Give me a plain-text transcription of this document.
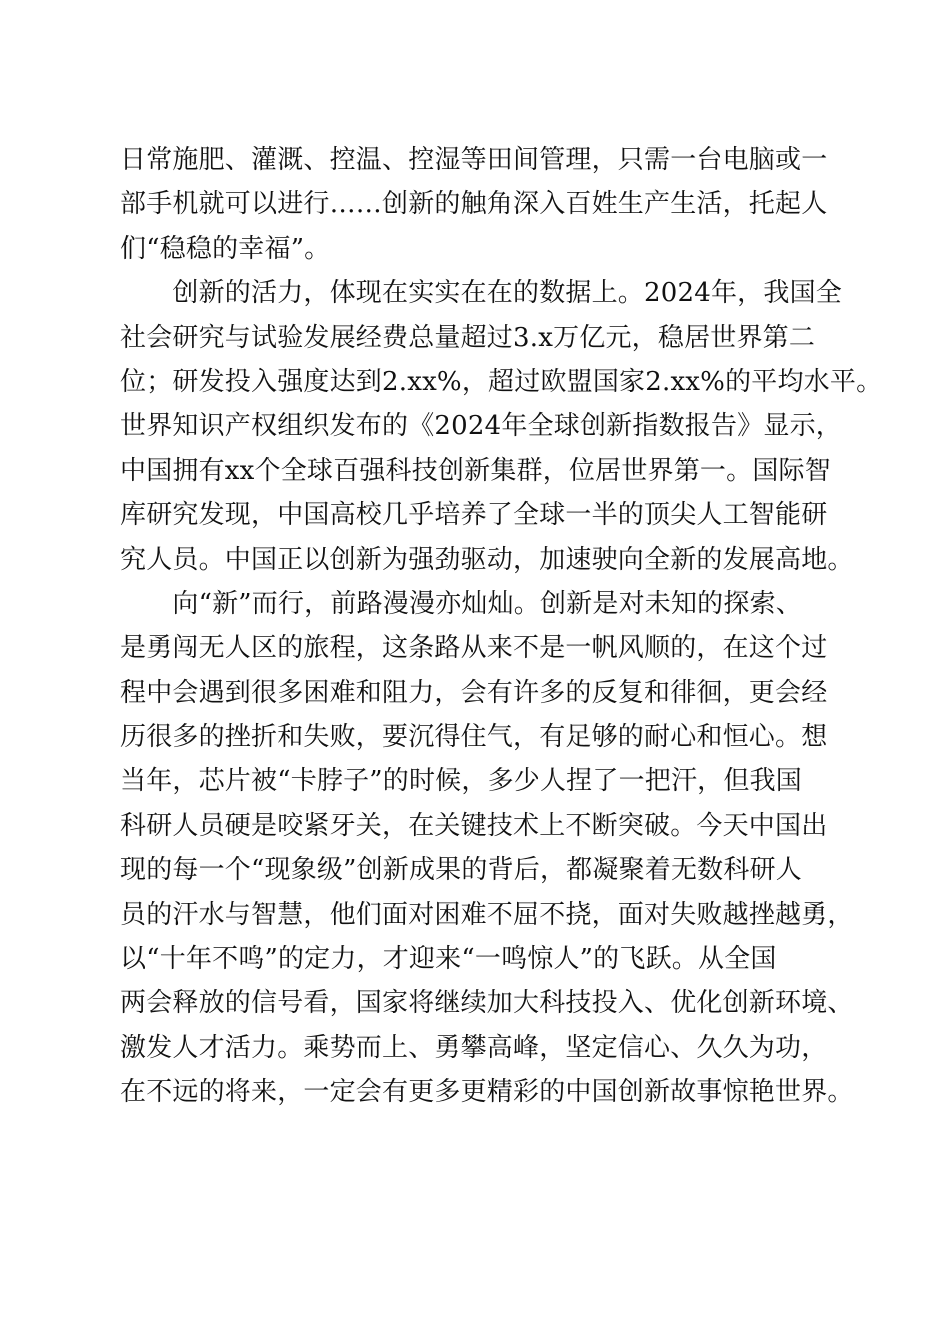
日常施肥、灌溉、控温、控湿等田间管理，只需一台电脑或一
部手机就可以进行……创新的触角深入百姓生产生活，托起人
们“稳稳的幸福”。
　　创新的活力，体现在实实在在的数据上。2024年，我国全
社会研究与试验发展经费总量超过3.x万亿元，稳居世界第二
位；研发投入强度达到2.xx%，超过欧盟国家2.xx%的平均水平。
世界知识产权组织发布的《2024年全球创新指数报告》显示，
中国拥有xx个全球百强科技创新集群，位居世界第一。国际智
库研究发现，中国高校几乎培养了全球一半的顶尖人工智能研
究人员。中国正以创新为强劲驱动，加速驶向全新的发展高地。
　　向“新”而行，前路漫漫亦灿灿。创新是对未知的探索、
是勇闯无人区的旅程，这条路从来不是一帆风顺的，在这个过
程中会遇到很多困难和阻力，会有许多的反复和徘徊，更会经
历很多的挫折和失败，要沉得住气，有足够的耐心和恒心。想
当年，芯片被“卡脖子”的时候，多少人捏了一把汗，但我国
科研人员硬是咬紧牙关，在关键技术上不断突破。今天中国出
现的每一个“现象级”创新成果的背后，都凝聚着无数科研人
员的汗水与智慧，他们面对困难不屈不挠，面对失败越挫越勇，
以“十年不鸣”的定力，才迎来“一鸣惊人”的飞跃。从全国
两会释放的信号看，国家将继续加大科技投入、优化创新环境、
激发人才活力。乘势而上、勇攀高峰，坚定信心、久久为功，
在不远的将来，一定会有更多更精彩的中国创新故事惊艳世界。
